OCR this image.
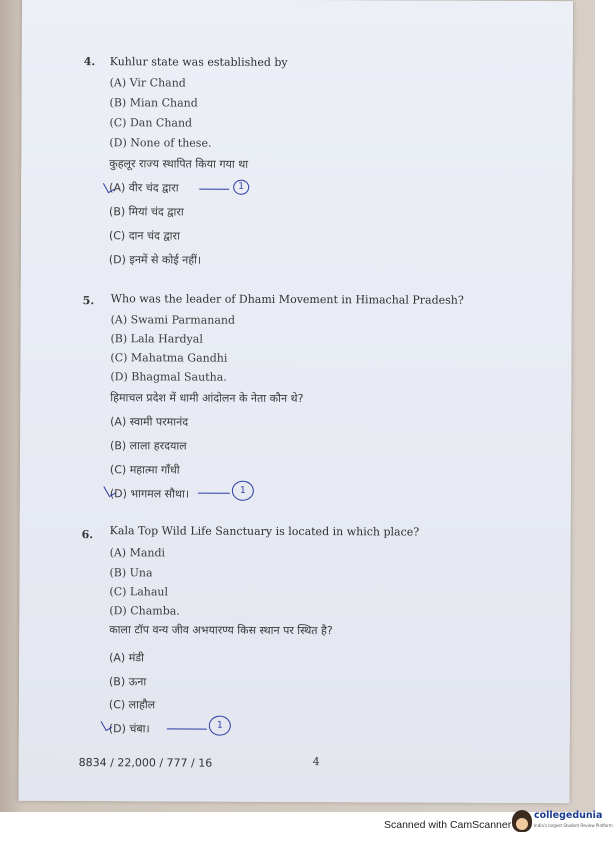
4. Kuhlur state was established by
(A) Vir Chand
(B) Mian Chand
(C) Dan Chand
(D) None of these.
कुहलूर राज्य स्थापित किया गया था
(A) वीर चंद द्वारा
(B) मियां चंद द्वारा
(C) दान चंद द्वारा
(D) इनमें से कोई नहीं।
1
5. Who was the leader of Dhami Movement in Himachal Pradesh?
(A) Swami Parmanand
(B) Lala Hardyal
(C) Mahatma Gandhi
(D) Bhagmal Sautha.
हिमाचल प्रदेश में धामी आंदोलन के नेता कौन थे?
(A) स्वामी परमानंद
(B) लाला हरदयाल
(C) महात्मा गाँधी
(D) भागमल सौथा।	1
6. Kala Top Wild Life Sanctuary is located in which place?
(A) Mandi
(B) Una
(C) Lahaul
(D) Chamba.
काला टॉप वन्य जीव अभयारण्य किस स्थान पर स्थित है?
(A) मंडी
(B) ऊना
(C) लाहौल
(D) चंबा।	1
8834 / 22,000 / 777 / 16	4
Scanned with CamScanner
collegedunia
India's largest Student Review Platform
